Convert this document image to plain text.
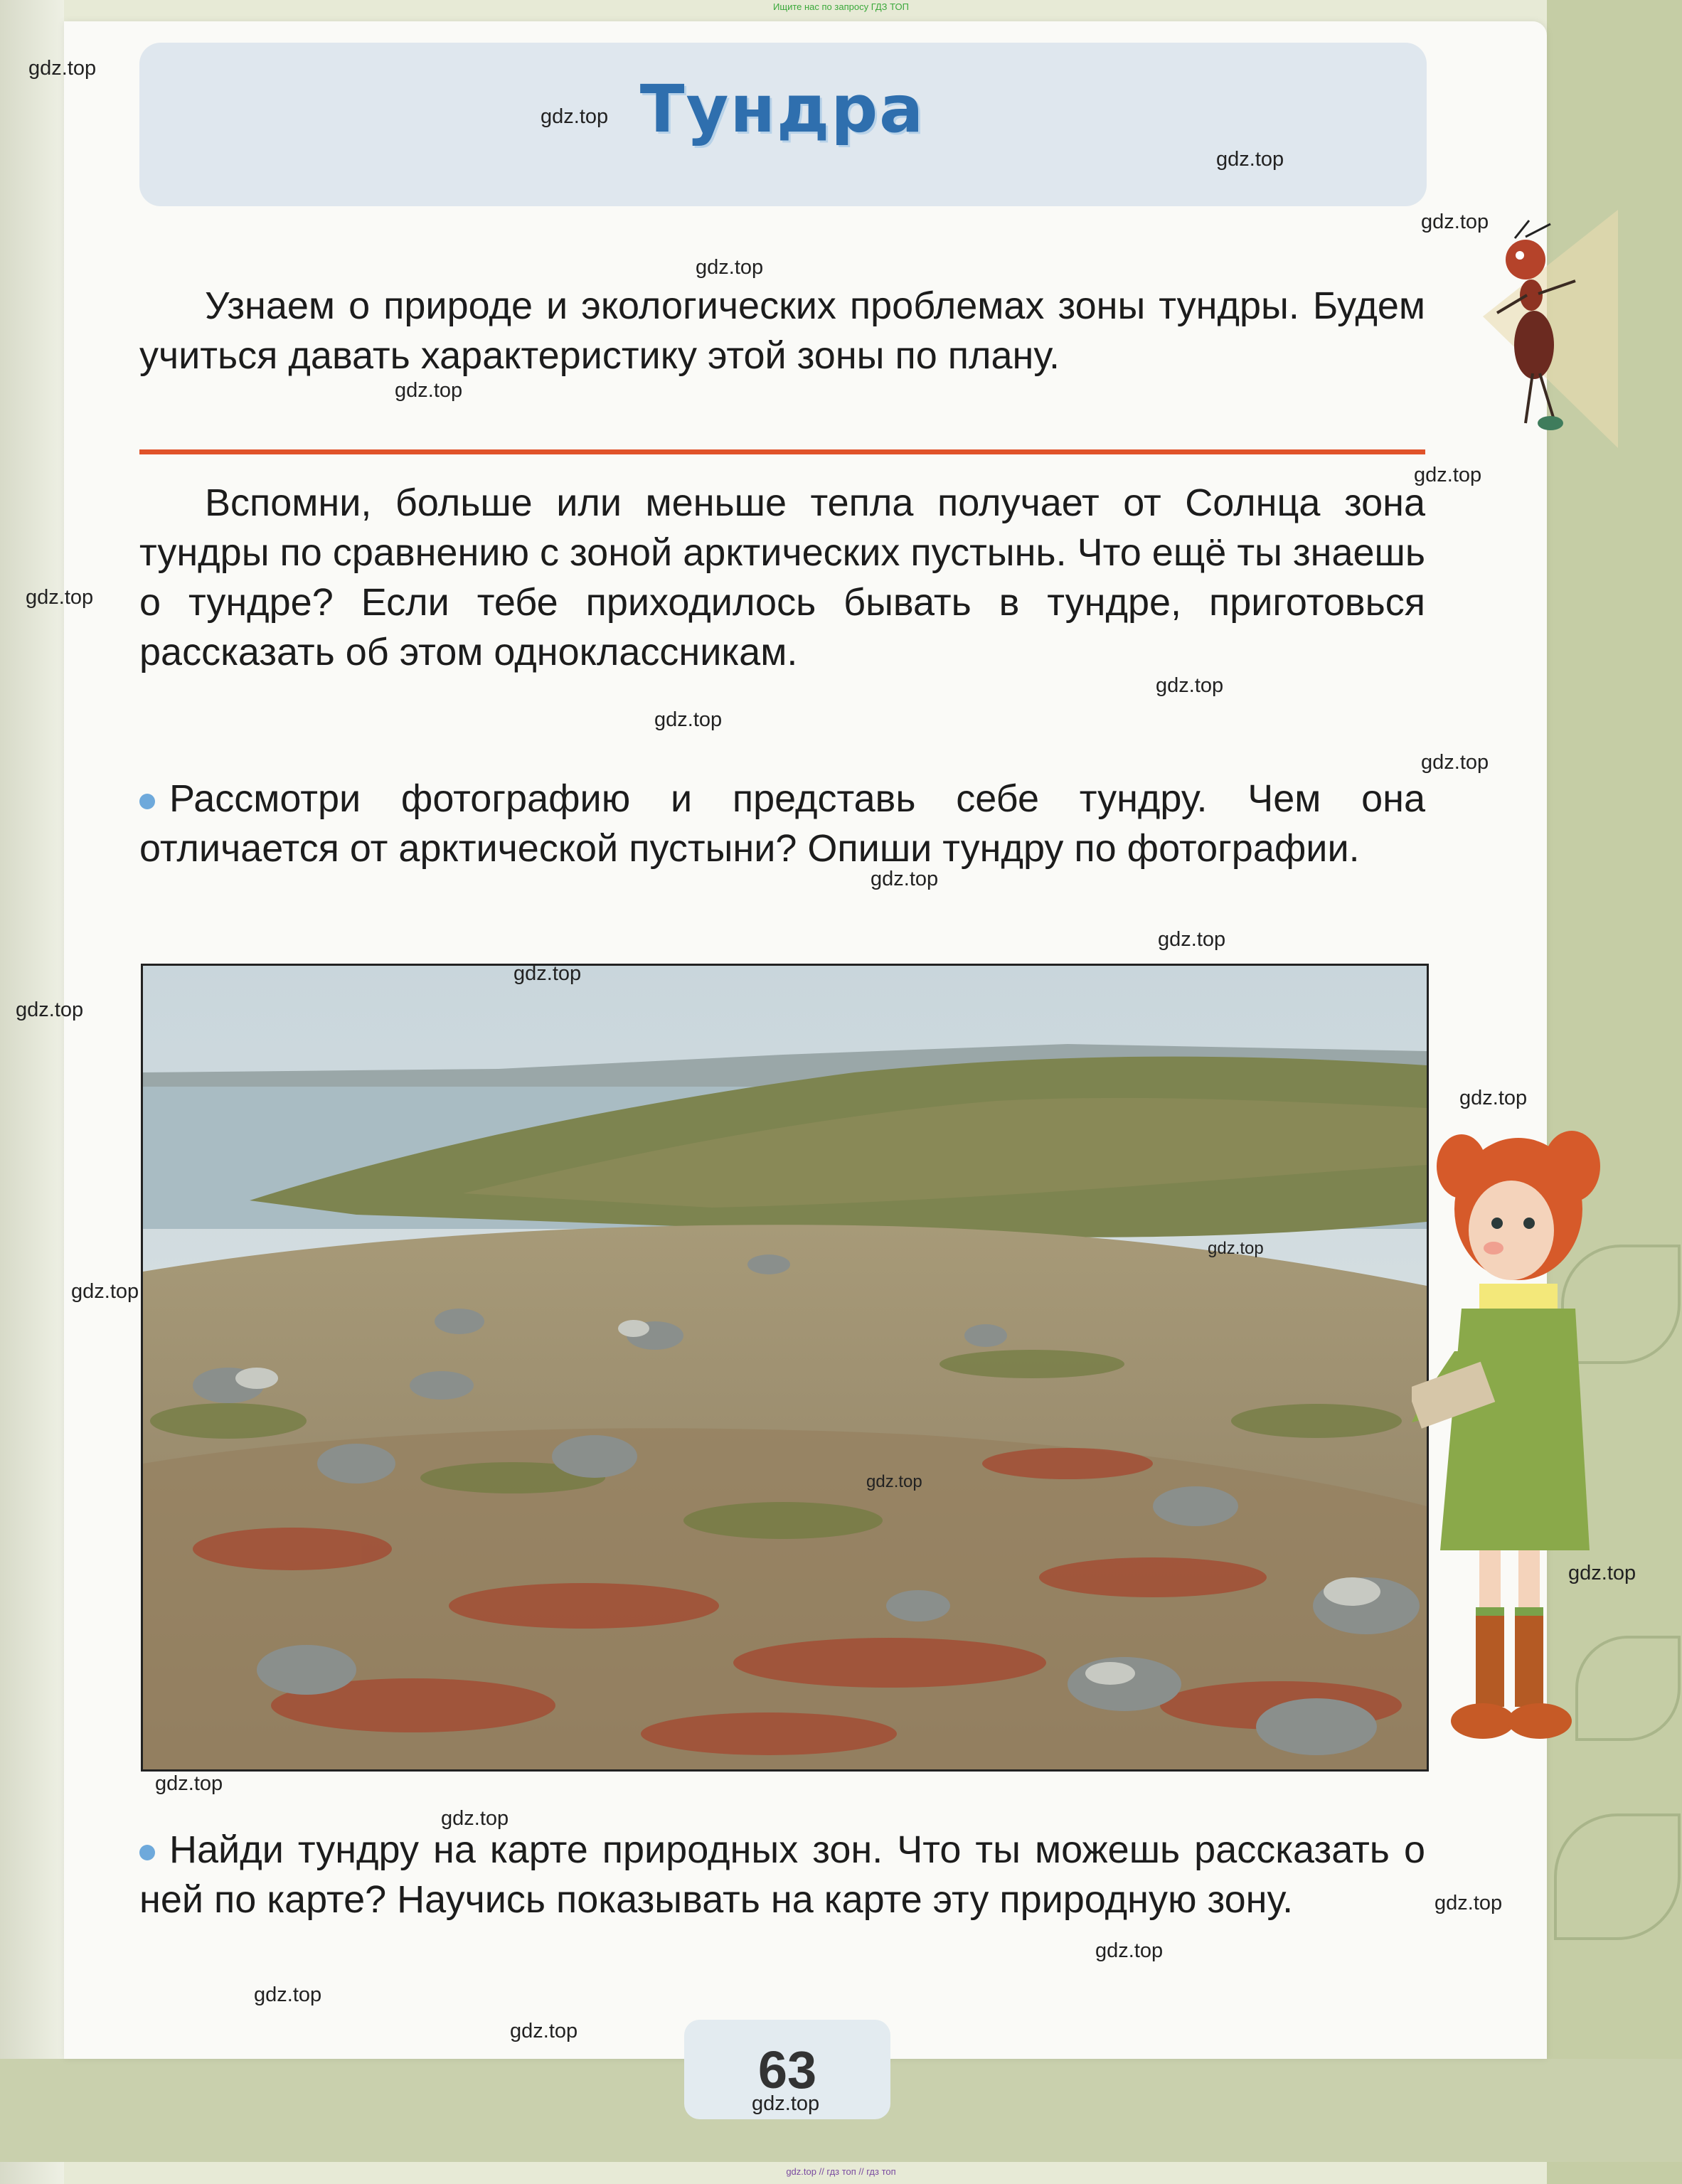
Ищите нас по запросу ГДЗ ТОП
Тундра

Узнаем о природе и экологических проблемах зоны тундры. Будем учиться давать характеристику этой зоны по плану.

Вспомни, больше или меньше тепла получает от Солнца зона тундры по сравнению с зоной арктических пустынь. Что ещё ты знаешь о тундре? Если тебе приходилось бывать в тундре, приготовься рассказать об этом одноклассникам.

Рассмотри фотографию и представь себе тундру. Чем она отличается от арктической пустыни? Опиши тундру по фотографии.

Найди тундру на карте природных зон. Что ты можешь рассказать о ней по карте? Научись показывать на карте эту природную зону.

63
gdz.top
gdz.top
gdz.top
gdz.top
gdz.top
gdz.top
gdz.top
gdz.top
gdz.top
gdz.top
gdz.top
gdz.top
gdz.top
gdz.top
gdz.top
gdz.top
gdz.top
gdz.top
gdz.top
gdz.top
gdz.top
gdz.top
gdz.top
gdz.top
gdz.top
gdz.top
gdz.top
gdz.top // гдз топ // гдз топ
